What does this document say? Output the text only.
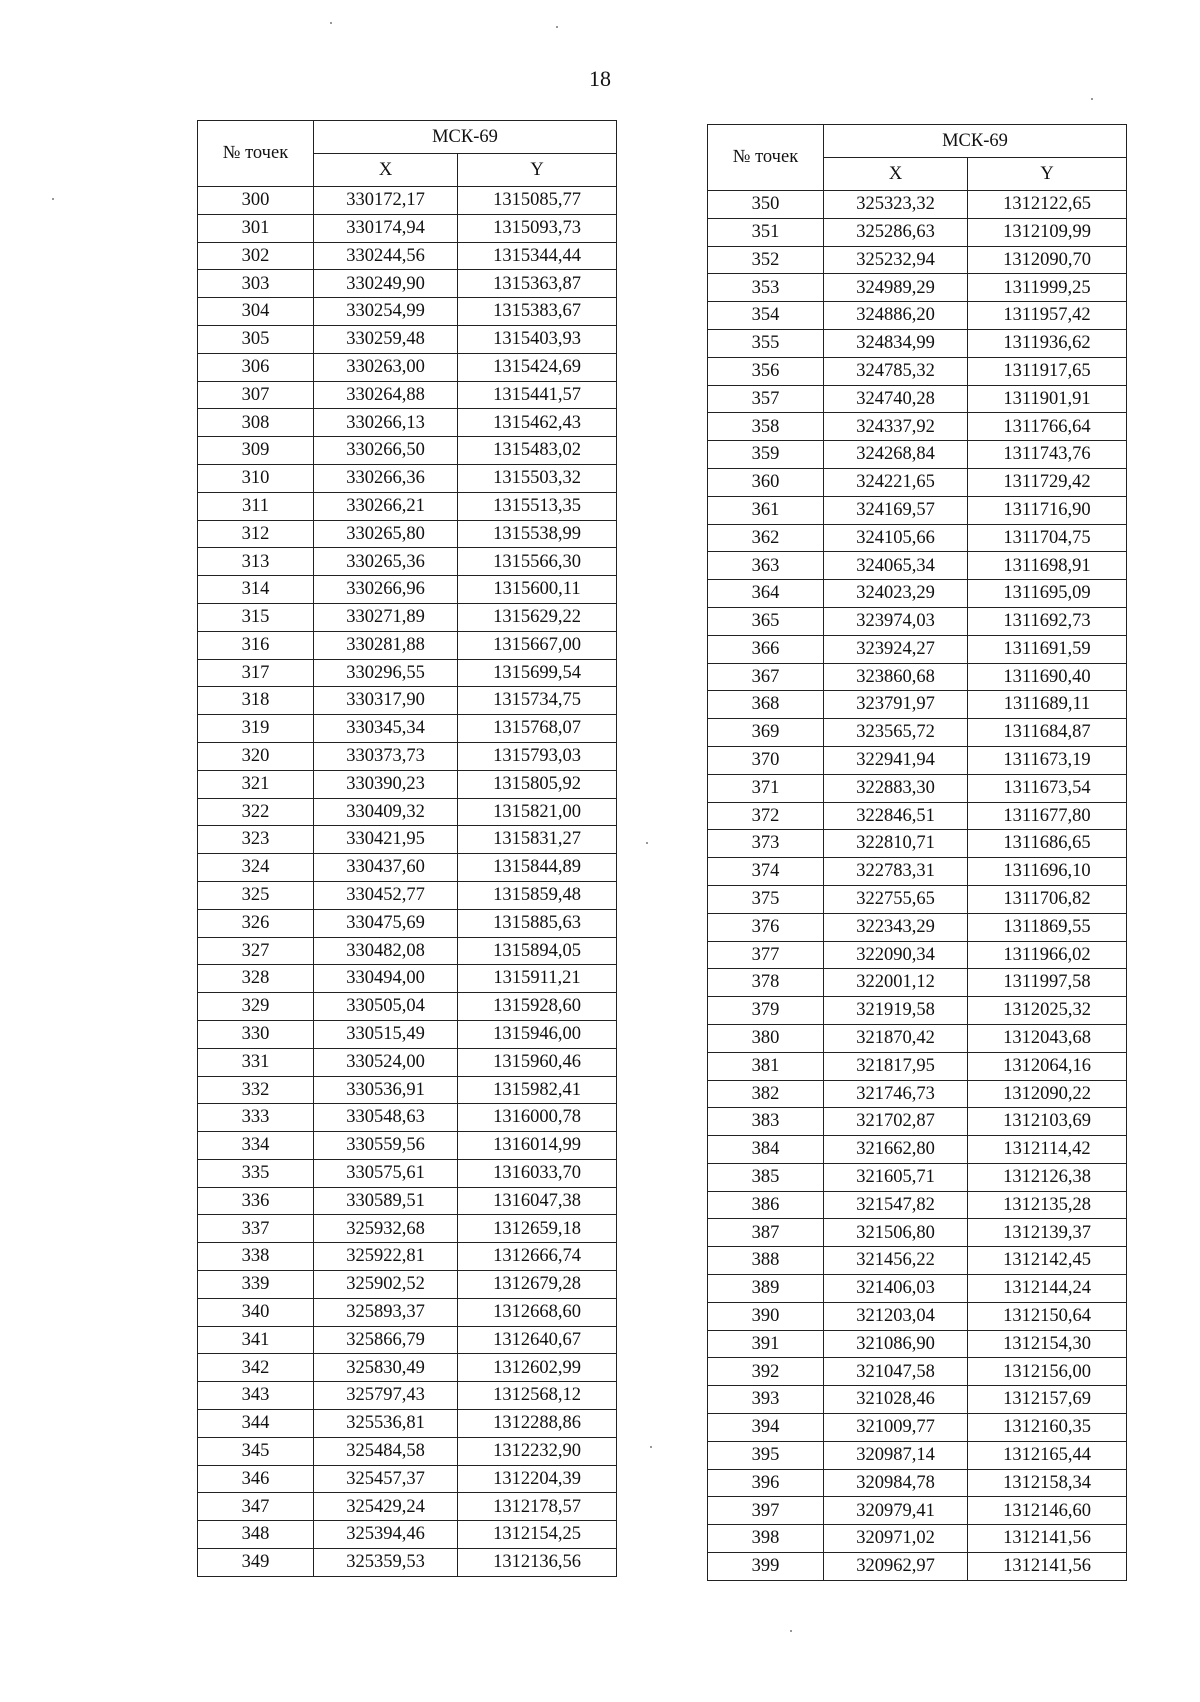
18
№ точек	МСК-69	
	X	Y
300	330172,17	1315085,77
301	330174,94	1315093,73
302	330244,56	1315344,44
303	330249,90	1315363,87
304	330254,99	1315383,67
305	330259,48	1315403,93
306	330263,00	1315424,69
307	330264,88	1315441,57
308	330266,13	1315462,43
309	330266,50	1315483,02
310	330266,36	1315503,32
311	330266,21	1315513,35
312	330265,80	1315538,99
313	330265,36	1315566,30
314	330266,96	1315600,11
315	330271,89	1315629,22
316	330281,88	1315667,00
317	330296,55	1315699,54
318	330317,90	1315734,75
319	330345,34	1315768,07
320	330373,73	1315793,03
321	330390,23	1315805,92
322	330409,32	1315821,00
323	330421,95	1315831,27
324	330437,60	1315844,89
325	330452,77	1315859,48
326	330475,69	1315885,63
327	330482,08	1315894,05
328	330494,00	1315911,21
329	330505,04	1315928,60
330	330515,49	1315946,00
331	330524,00	1315960,46
332	330536,91	1315982,41
333	330548,63	1316000,78
334	330559,56	1316014,99
335	330575,61	1316033,70
336	330589,51	1316047,38
337	325932,68	1312659,18
338	325922,81	1312666,74
339	325902,52	1312679,28
340	325893,37	1312668,60
341	325866,79	1312640,67
342	325830,49	1312602,99
343	325797,43	1312568,12
344	325536,81	1312288,86
345	325484,58	1312232,90
346	325457,37	1312204,39
347	325429,24	1312178,57
348	325394,46	1312154,25
349	325359,53	1312136,56
№ точек	МСК-69	
	X	Y
350	325323,32	1312122,65
351	325286,63	1312109,99
352	325232,94	1312090,70
353	324989,29	1311999,25
354	324886,20	1311957,42
355	324834,99	1311936,62
356	324785,32	1311917,65
357	324740,28	1311901,91
358	324337,92	1311766,64
359	324268,84	1311743,76
360	324221,65	1311729,42
361	324169,57	1311716,90
362	324105,66	1311704,75
363	324065,34	1311698,91
364	324023,29	1311695,09
365	323974,03	1311692,73
366	323924,27	1311691,59
367	323860,68	1311690,40
368	323791,97	1311689,11
369	323565,72	1311684,87
370	322941,94	1311673,19
371	322883,30	1311673,54
372	322846,51	1311677,80
373	322810,71	1311686,65
374	322783,31	1311696,10
375	322755,65	1311706,82
376	322343,29	1311869,55
377	322090,34	1311966,02
378	322001,12	1311997,58
379	321919,58	1312025,32
380	321870,42	1312043,68
381	321817,95	1312064,16
382	321746,73	1312090,22
383	321702,87	1312103,69
384	321662,80	1312114,42
385	321605,71	1312126,38
386	321547,82	1312135,28
387	321506,80	1312139,37
388	321456,22	1312142,45
389	321406,03	1312144,24
390	321203,04	1312150,64
391	321086,90	1312154,30
392	321047,58	1312156,00
393	321028,46	1312157,69
394	321009,77	1312160,35
395	320987,14	1312165,44
396	320984,78	1312158,34
397	320979,41	1312146,60
398	320971,02	1312141,56
399	320962,97	1312141,56
